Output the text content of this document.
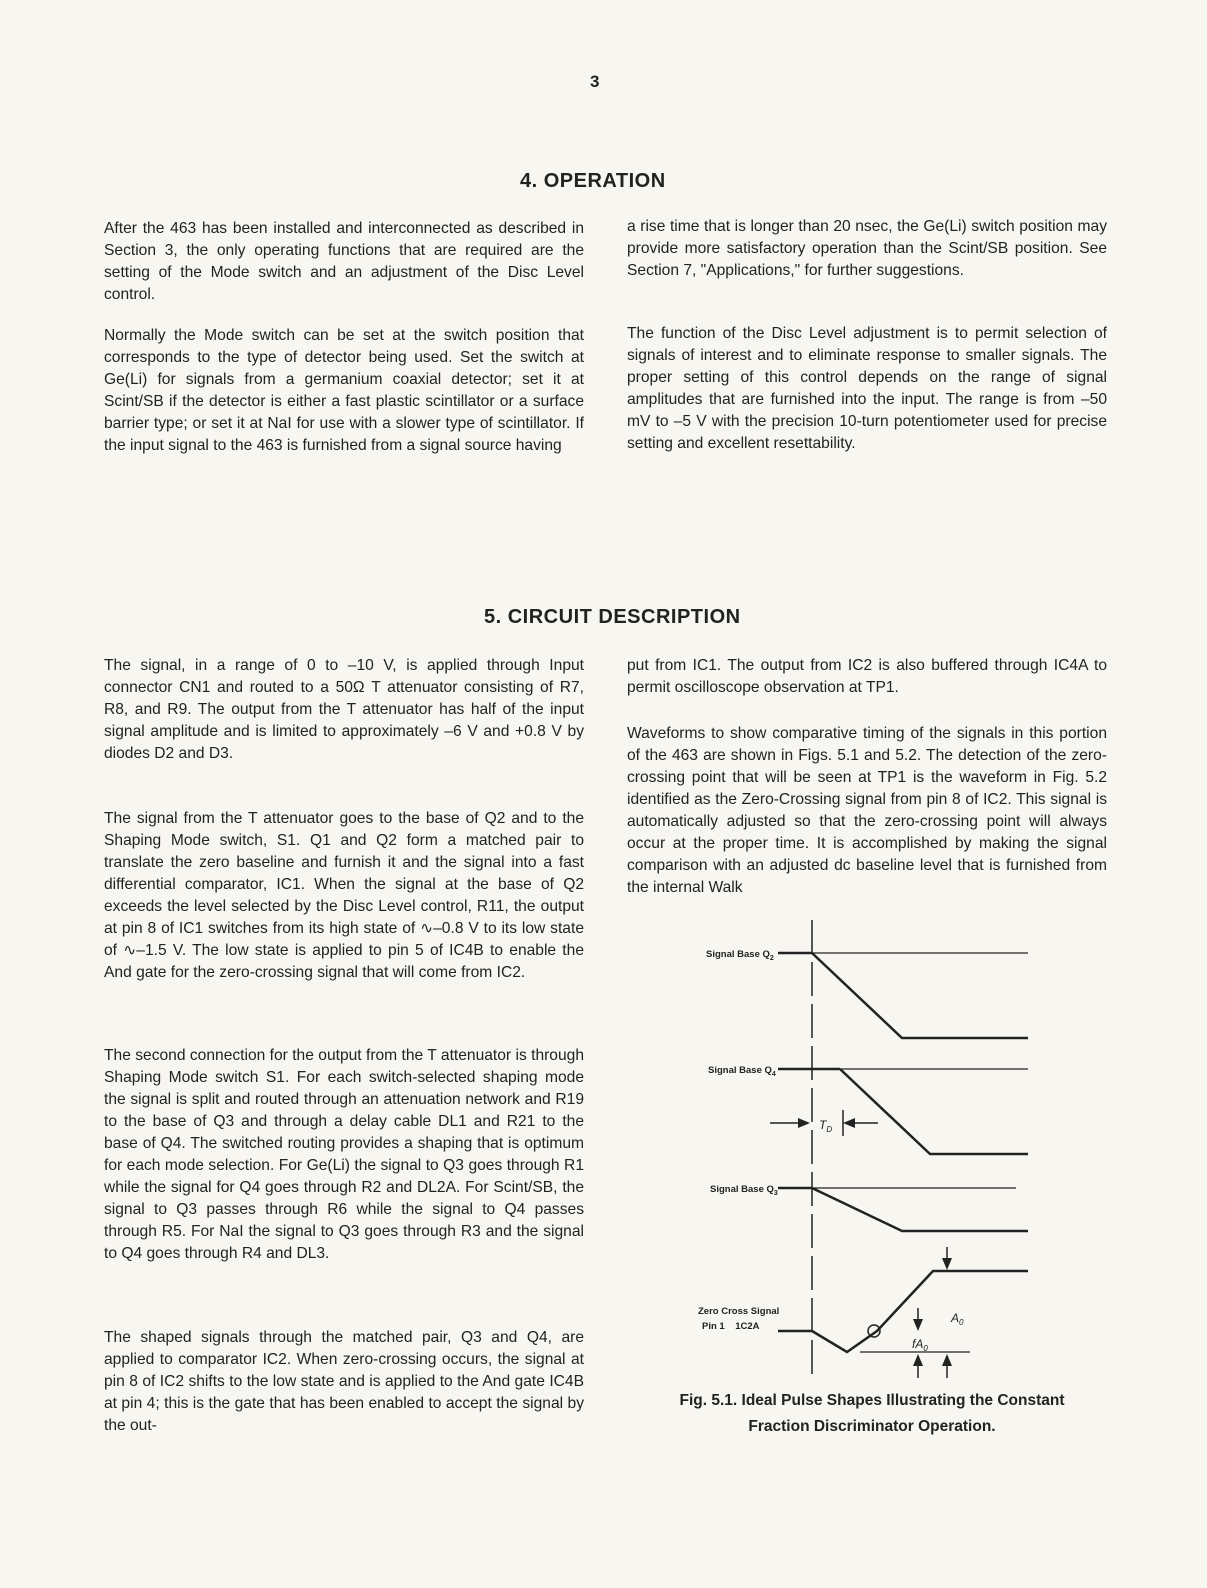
3
4. OPERATION

After the 463 has been installed and interconnected as described in Section 3, the only operating functions that are required are the setting of the Mode switch and an adjustment of the Disc Level control.

Normally the Mode switch can be set at the switch position that corresponds to the type of detector being used. Set the switch at Ge(Li) for signals from a germanium coaxial detector; set it at Scint/SB if the detector is either a fast plastic scintillator or a surface barrier type; or set it at NaI for use with a slower type of scintillator. If the input signal to the 463 is furnished from a signal source having

a rise time that is longer than 20 nsec, the Ge(Li) switch position may provide more satisfactory operation than the Scint/SB position. See Section 7, "Applications," for further suggestions.

The function of the Disc Level adjustment is to permit selection of signals of interest and to eliminate response to smaller signals. The proper setting of this control depends on the range of signal amplitudes that are furnished into the input. The range is from –50 mV to –5 V with the precision 10-turn potentiometer used for precise setting and excellent resettability.

5. CIRCUIT DESCRIPTION

The signal, in a range of 0 to –10 V, is applied through Input connector CN1 and routed to a 50Ω T attenuator consisting of R7, R8, and R9. The output from the T attenuator has half of the input signal amplitude and is limited to approximately –6 V and +0.8 V by diodes D2 and D3.

The signal from the T attenuator goes to the base of Q2 and to the Shaping Mode switch, S1. Q1 and Q2 form a matched pair to translate the zero baseline and furnish it and the signal into a fast differential comparator, IC1. When the signal at the base of Q2 exceeds the level selected by the Disc Level control, R11, the output at pin 8 of IC1 switches from its high state of ∿–0.8 V to its low state of ∿–1.5 V. The low state is applied to pin 5 of IC4B to enable the And gate for the zero-crossing signal that will come from IC2.

The second connection for the output from the T attenuator is through Shaping Mode switch S1. For each switch-selected shaping mode the signal is split and routed through an attenuation network and R19 to the base of Q3 and through a delay cable DL1 and R21 to the base of Q4. The switched routing provides a shaping that is optimum for each mode selection. For Ge(Li) the signal to Q3 goes through R1 while the signal for Q4 goes through R2 and DL2A. For Scint/SB, the signal to Q3 passes through R6 while the signal to Q4 passes through R5. For NaI the signal to Q3 goes through R3 and the signal to Q4 goes through R4 and DL3.

The shaped signals through the matched pair, Q3 and Q4, are applied to comparator IC2. When zero-crossing occurs, the signal at pin 8 of IC2 shifts to the low state and is applied to the And gate IC4B at pin 4; this is the gate that has been enabled to accept the signal by the out-

put from IC1. The output from IC2 is also buffered through IC4A to permit oscilloscope observation at TP1.

Waveforms to show comparative timing of the signals in this portion of the 463 are shown in Figs. 5.1 and 5.2. The detection of the zero-crossing point that will be seen at TP1 is the waveform in Fig. 5.2 identified as the Zero-Crossing signal from pin 8 of IC2. This signal is automatically adjusted so that the zero-crossing point will always occur at the proper time. It is accomplished by making the signal comparison with an adjusted dc baseline level that is furnished from the internal Walk

Signal Base $Q_2$
Signal Base $Q_4$
Signal Base $Q_3$
Zero Cross Signal
Pin 1    1C2A
$T_D$
$A_0$
$fA_0$
Fig. 5.1. Ideal Pulse Shapes Illustrating the Constant
Fraction Discriminator Operation.
